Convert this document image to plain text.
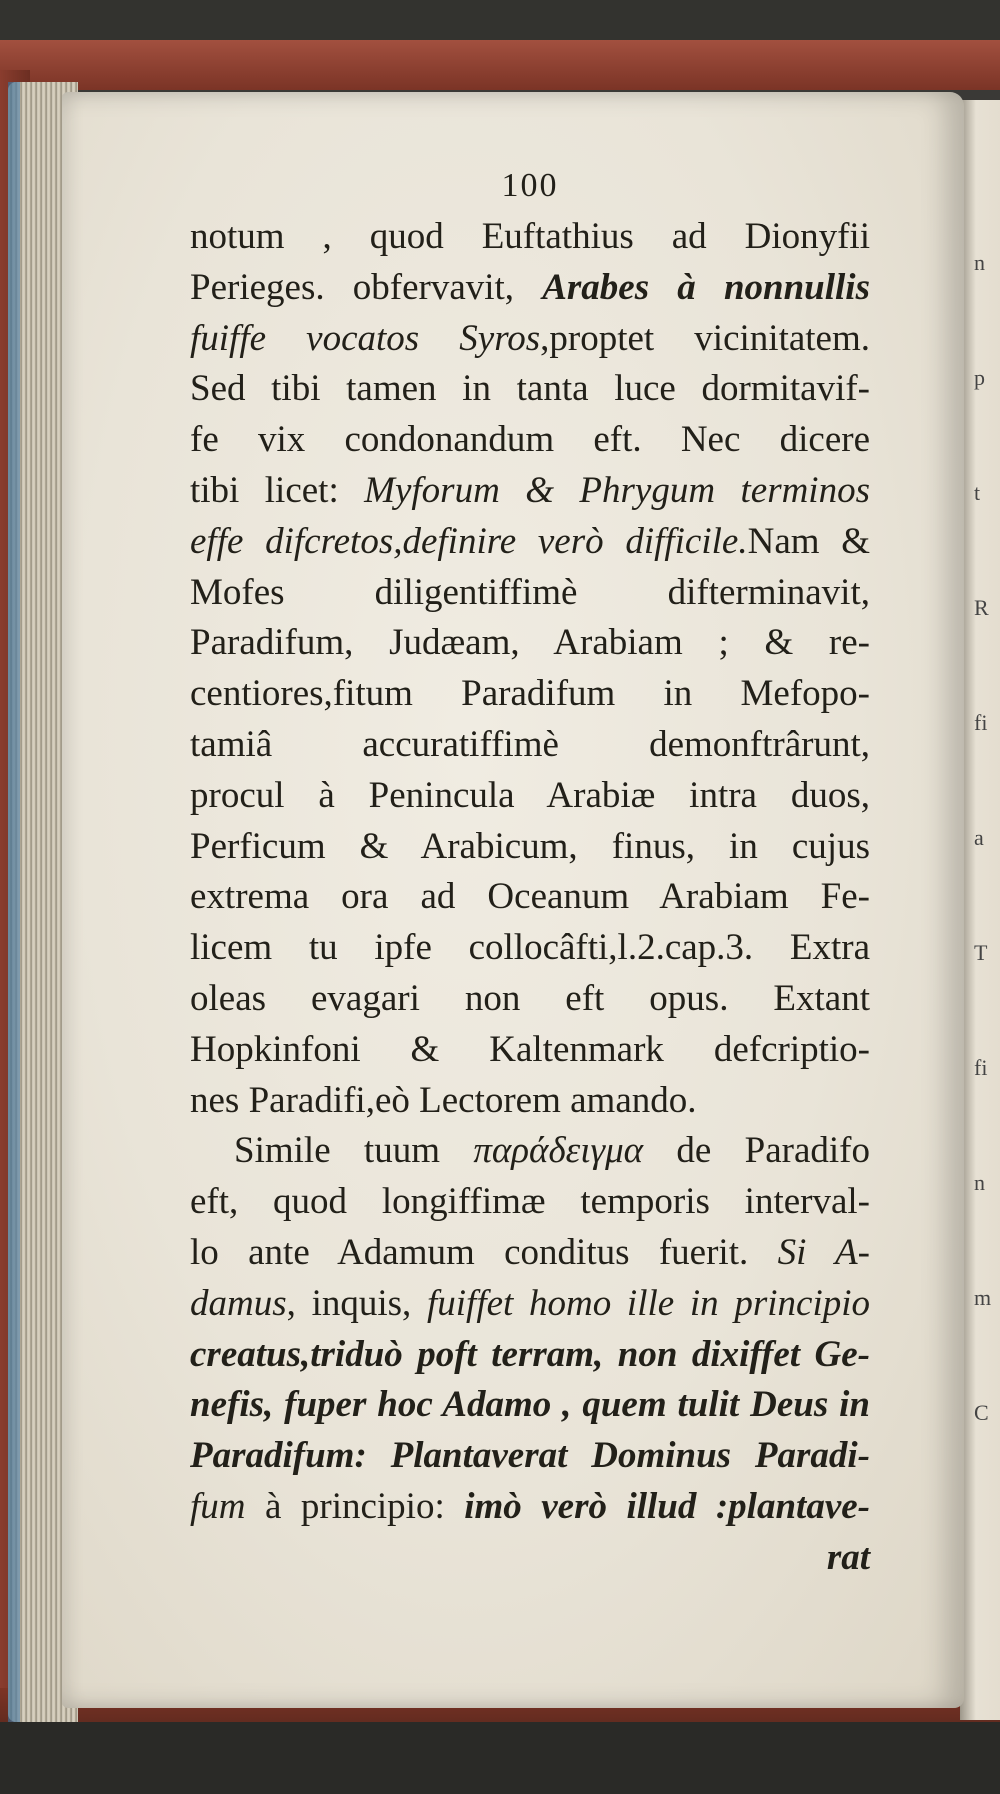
n
p
t
R
fi
a
T
fi
n
m
C
100
notum , quod Euftathius ad Dionyfii
Perieges. obfervavit, Arabes à nonnullis
fuiffe vocatos Syros,proptet vicinitatem.
Sed tibi tamen in tanta luce dormitavif-
fe vix condonandum eft. Nec dicere
tibi licet: Myforum & Phrygum terminos
effe difcretos,definire verò difficile.Nam &
Mofes diligentiffimè difterminavit,
Paradifum, Judæam, Arabiam ; & re-
centiores,fitum Paradifum in Mefopo-
tamiâ accuratiffimè demonftrârunt,
procul à Penincula Arabiæ intra duos,
Perficum & Arabicum, finus, in cujus
extrema ora ad Oceanum Arabiam Fe-
licem tu ipfe collocâfti,l.2.cap.3. Extra
oleas evagari non eft opus. Extant
Hopkinfoni & Kaltenmark defcriptio-
nes Paradifi,eò Lectorem amando.
Simile tuum παράδειγμα de Paradifo
eft, quod longiffimæ temporis interval-
lo ante Adamum conditus fuerit. Si A-
damus, inquis, fuiffet homo ille in principio
creatus,triduò poft terram, non dixiffet Ge-
nefis, fuper hoc Adamo , quem tulit Deus in
Paradifum: Plantaverat Dominus Paradi-
fum à principio: imò verò illud :plantave-
rat
